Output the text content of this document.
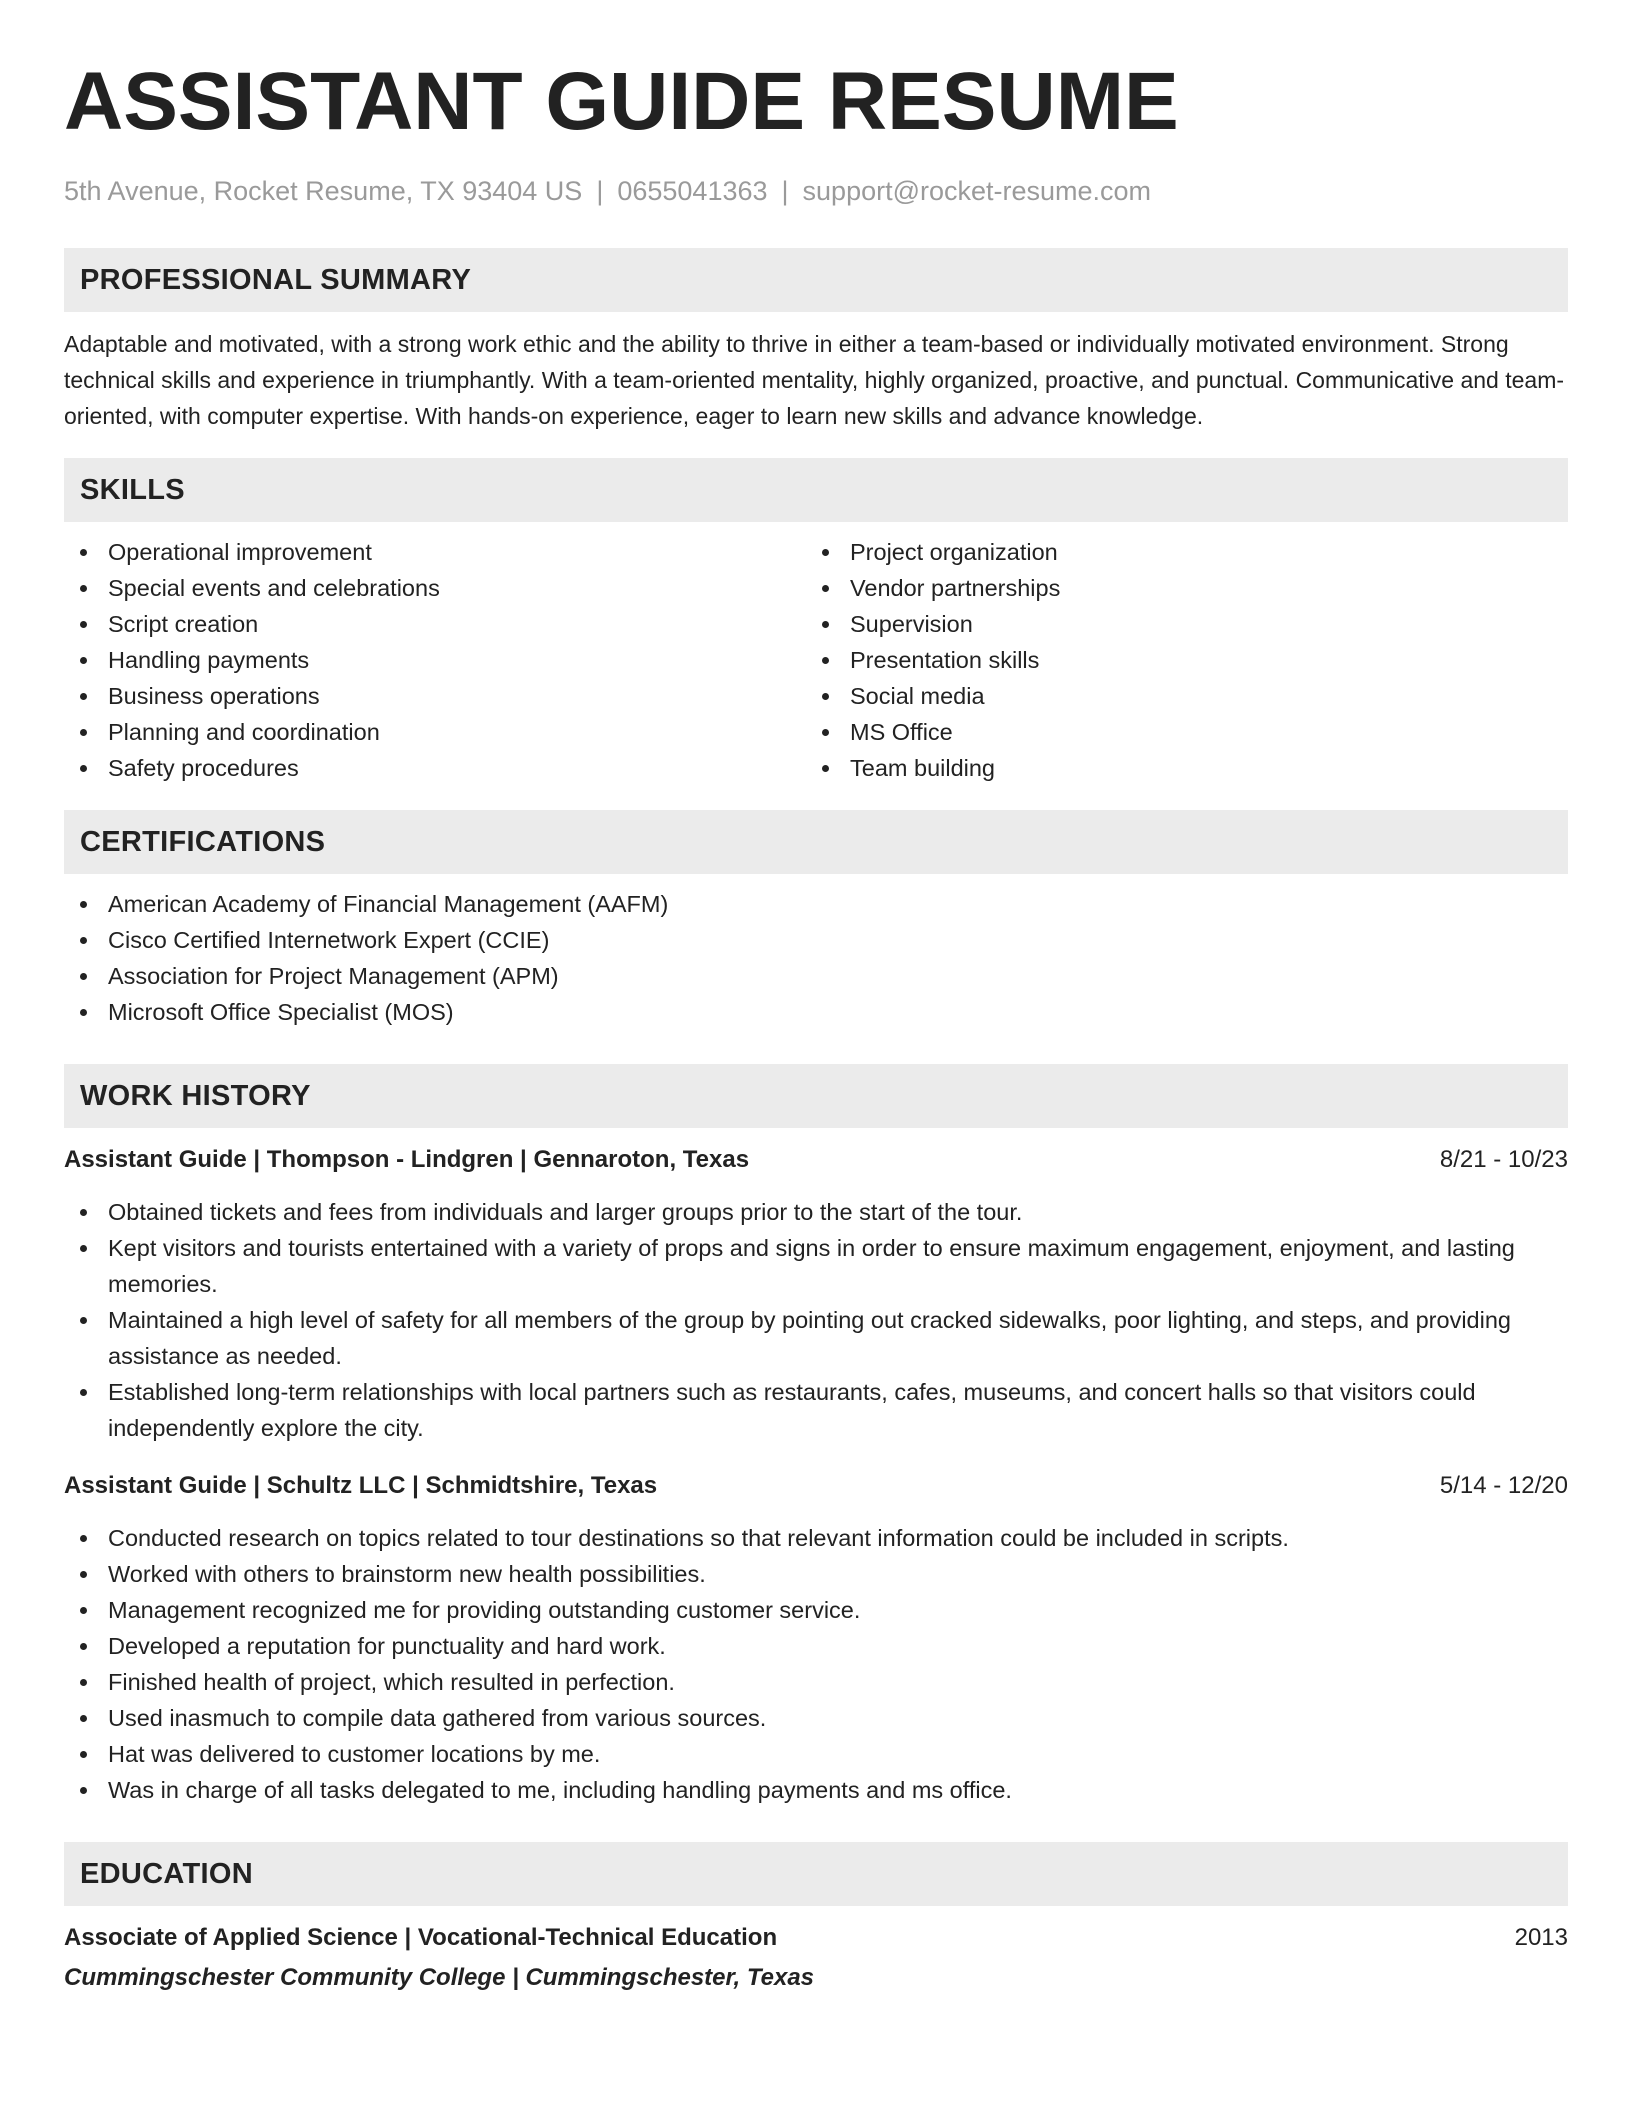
ASSISTANT GUIDE RESUME
5th Avenue, Rocket Resume, TX 93404 US | 0655041363 | support@rocket-resume.com
PROFESSIONAL SUMMARY
Adaptable and motivated, with a strong work ethic and the ability to thrive in either a team-based or individually motivated environment. Strong technical skills and experience in triumphantly. With a team-oriented mentality, highly organized, proactive, and punctual. Communicative and team-oriented, with computer expertise. With hands-on experience, eager to learn new skills and advance knowledge.
SKILLS
Operational improvement
Special events and celebrations
Script creation
Handling payments
Business operations
Planning and coordination
Safety procedures
Project organization
Vendor partnerships
Supervision
Presentation skills
Social media
MS Office
Team building
CERTIFICATIONS
American Academy of Financial Management (AAFM)
Cisco Certified Internetwork Expert (CCIE)
Association for Project Management (APM)
Microsoft Office Specialist (MOS)
WORK HISTORY
Assistant Guide | Thompson - Lindgren | Gennaroton, Texas	8/21 - 10/23
Obtained tickets and fees from individuals and larger groups prior to the start of the tour.
Kept visitors and tourists entertained with a variety of props and signs in order to ensure maximum engagement, enjoyment, and lasting memories.
Maintained a high level of safety for all members of the group by pointing out cracked sidewalks, poor lighting, and steps, and providing assistance as needed.
Established long-term relationships with local partners such as restaurants, cafes, museums, and concert halls so that visitors could independently explore the city.
Assistant Guide | Schultz LLC | Schmidtshire, Texas	5/14 - 12/20
Conducted research on topics related to tour destinations so that relevant information could be included in scripts.
Worked with others to brainstorm new health possibilities.
Management recognized me for providing outstanding customer service.
Developed a reputation for punctuality and hard work.
Finished health of project, which resulted in perfection.
Used inasmuch to compile data gathered from various sources.
Hat was delivered to customer locations by me.
Was in charge of all tasks delegated to me, including handling payments and ms office.
EDUCATION
Associate of Applied Science | Vocational-Technical Education	2013
Cummingschester Community College | Cummingschester, Texas
